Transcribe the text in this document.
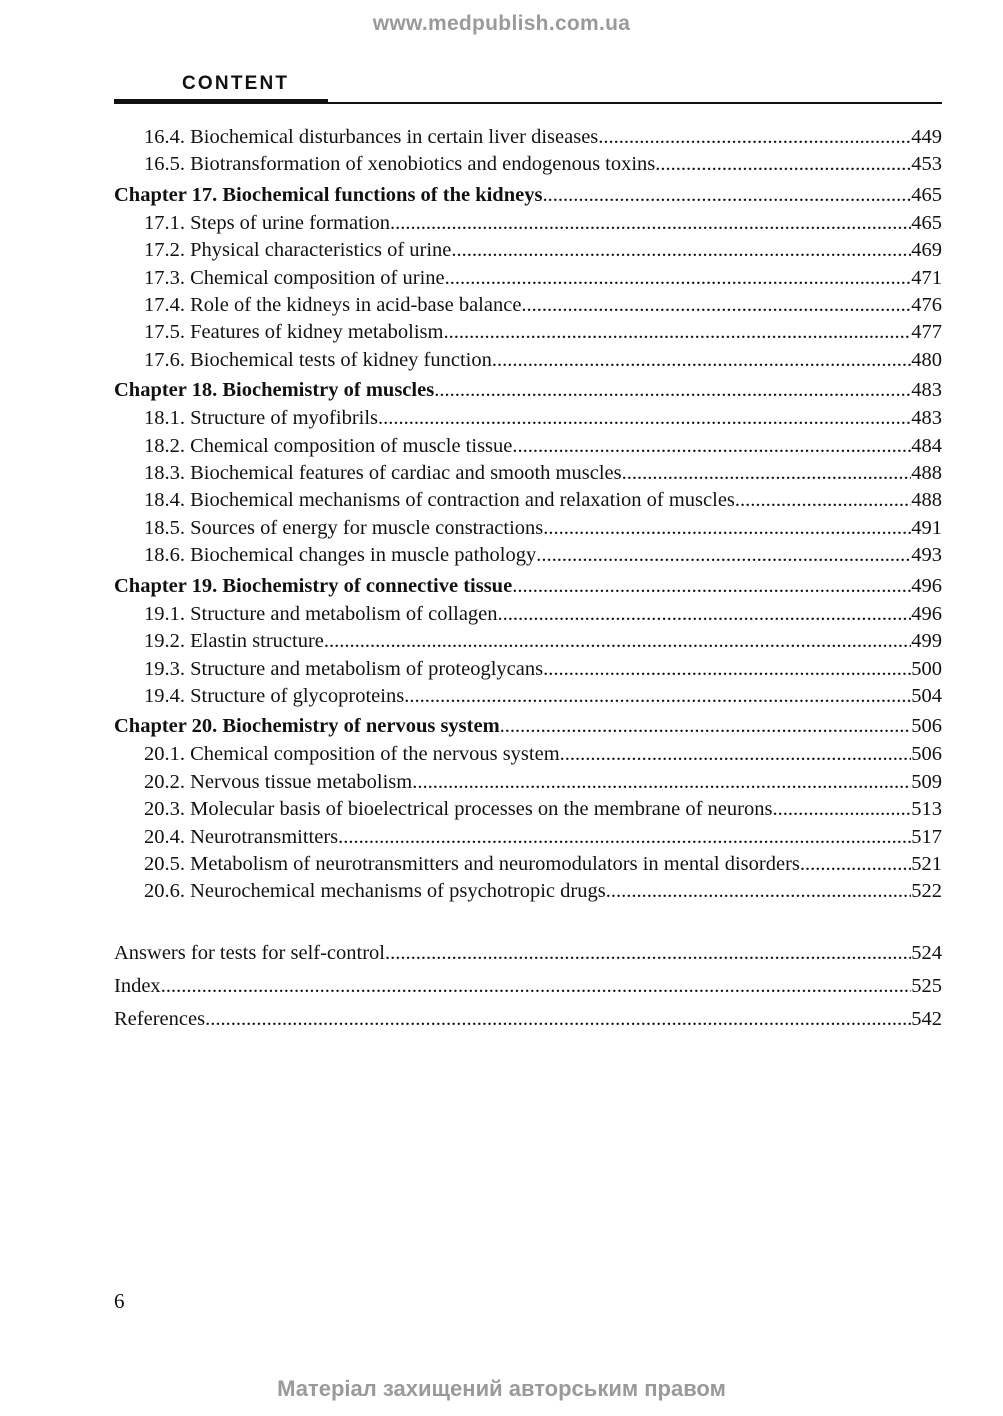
www.medpublish.com.ua
CONTENT
16.4. Biochemical disturbances in certain liver diseases .....	449
16.5. Biotransformation of xenobiotics and endogenous toxins .....	453
Chapter 17. Biochemical functions of the kidneys .....	465
17.1. Steps of urine formation .....	465
17.2. Physical characteristics of urine .....	469
17.3. Chemical composition of urine .....	471
17.4. Role of the kidneys in acid-base balance .....	476
17.5. Features of kidney metabolism .....	477
17.6. Biochemical tests of kidney function .....	480
Chapter 18. Biochemistry of muscles .....	483
18.1. Structure of myofibrils .....	483
18.2. Chemical composition of muscle tissue .....	484
18.3. Biochemical features of cardiac and smooth muscles .....	488
18.4. Biochemical mechanisms of contraction and relaxation of muscles .....	488
18.5. Sources of energy for muscle constractions .....	491
18.6. Biochemical changes in muscle pathology .....	493
Chapter 19. Biochemistry of connective tissue .....	496
19.1. Structure and metabolism of collagen .....	496
19.2. Elastin structure .....	499
19.3. Structure and metabolism of proteoglycans .....	500
19.4. Structure of glycoproteins .....	504
Chapter 20. Biochemistry of nervous system .....	506
20.1. Chemical composition of the nervous system .....	506
20.2. Nervous tissue metabolism .....	509
20.3. Molecular basis of bioelectrical processes on the membrane of neurons .....	513
20.4. Neurotransmitters .....	517
20.5. Metabolism of neurotransmitters and neuromodulators in mental disorders .....	521
20.6. Neurochemical mechanisms of psychotropic drugs .....	522
Answers for tests for self-control .....	524
Index .....	525
References .....	542
6
Матеріал захищений авторським правом
